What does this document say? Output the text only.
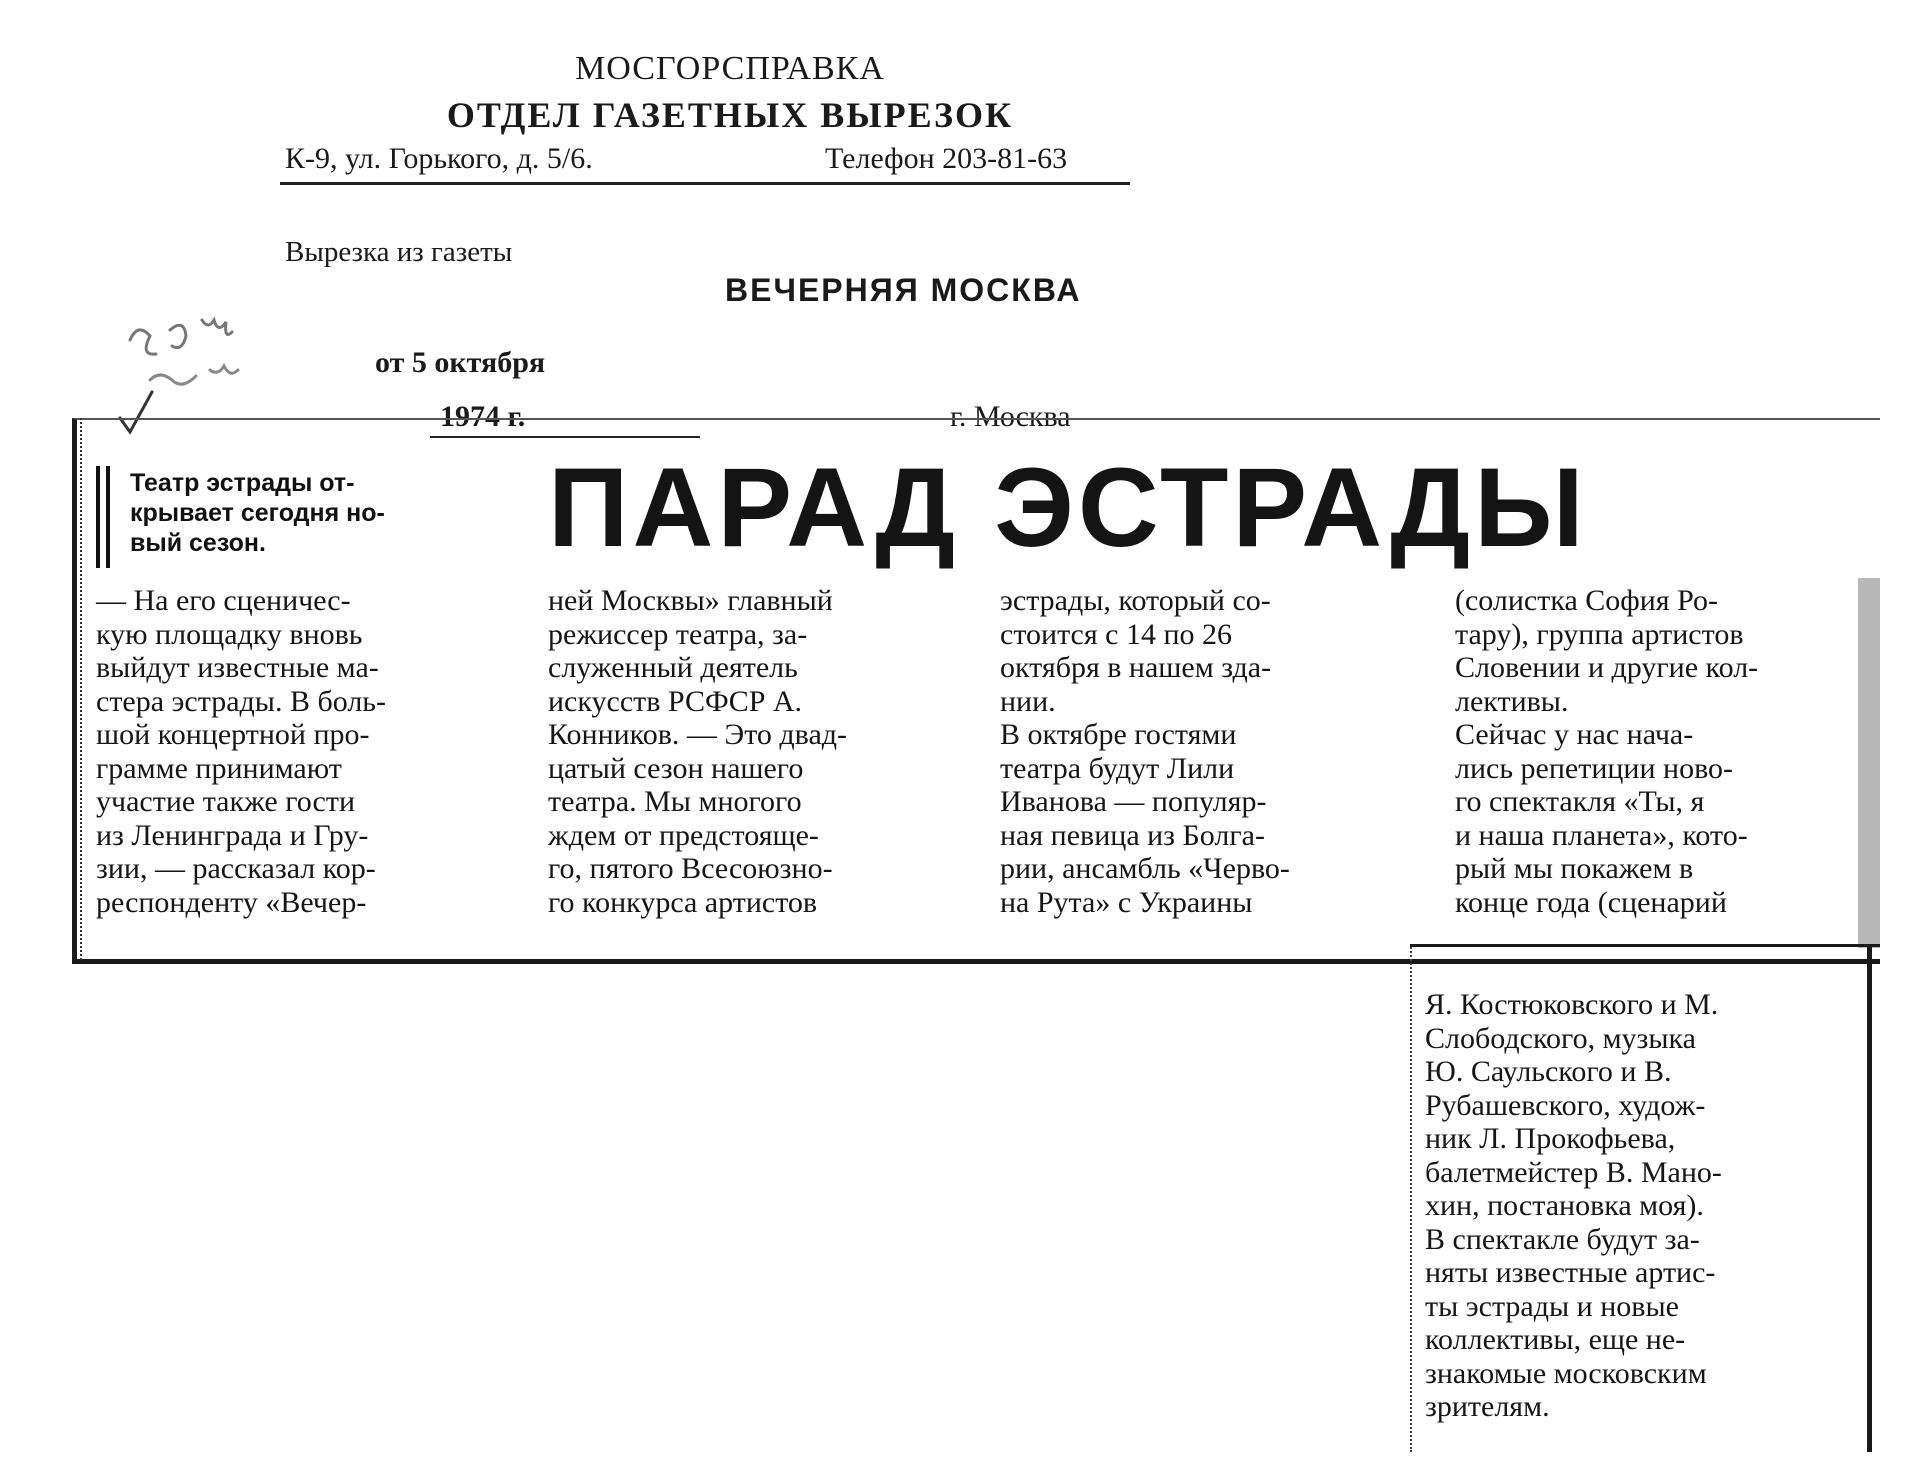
МОСГОРСПРАВКА
ОТДЕЛ ГАЗЕТНЫХ ВЫРЕЗОК
К-9, ул. Горького, д. 5/6.	Телефон 203-81-63
Вырезка из газеты
ВЕЧЕРНЯЯ МОСКВА
от 5 октября
1974 г.	г. Москва
Театр эстрады от-
крывает сегодня но-
вый сезон.	ПАРАД ЭСТРАДЫ
— На его сценичес-
кую площадку вновь
выйдут известные ма-
стера эстрады. В боль-
шой концертной про-
грамме принимают
участие также гости
из Ленинграда и Гру-
зии, — рассказал кор-
респонденту «Вечер-
ней Москвы» главный
режиссер театра, за-
служенный деятель
искусств РСФСР А.
Конников. — Это двад-
цатый сезон нашего
театра. Мы многого
ждем от предстояще-
го, пятого Всесоюзно-
го конкурса артистов
эстрады, который со-
стоится с 14 по 26
октября в нашем зда-
нии.
В октябре гостями
театра будут Лили
Иванова — популяр-
ная певица из Болга-
рии, ансамбль «Черво-
на Рута» с Украины
(солистка София Ро-
тару), группа артистов
Словении и другие кол-
лективы.
Сейчас у нас нача-
лись репетиции ново-
го спектакля «Ты, я
и наша планета», кото-
рый мы покажем в
конце года (сценарий
Я. Костюковского и М.
Слободского, музыка
Ю. Саульского и В.
Рубашевского, худож-
ник Л. Прокофьева,
балетмейстер В. Мано-
хин, постановка моя).
В спектакле будут за-
няты известные артис-
ты эстрады и новые
коллективы, еще не-
знакомые московским
зрителям.
